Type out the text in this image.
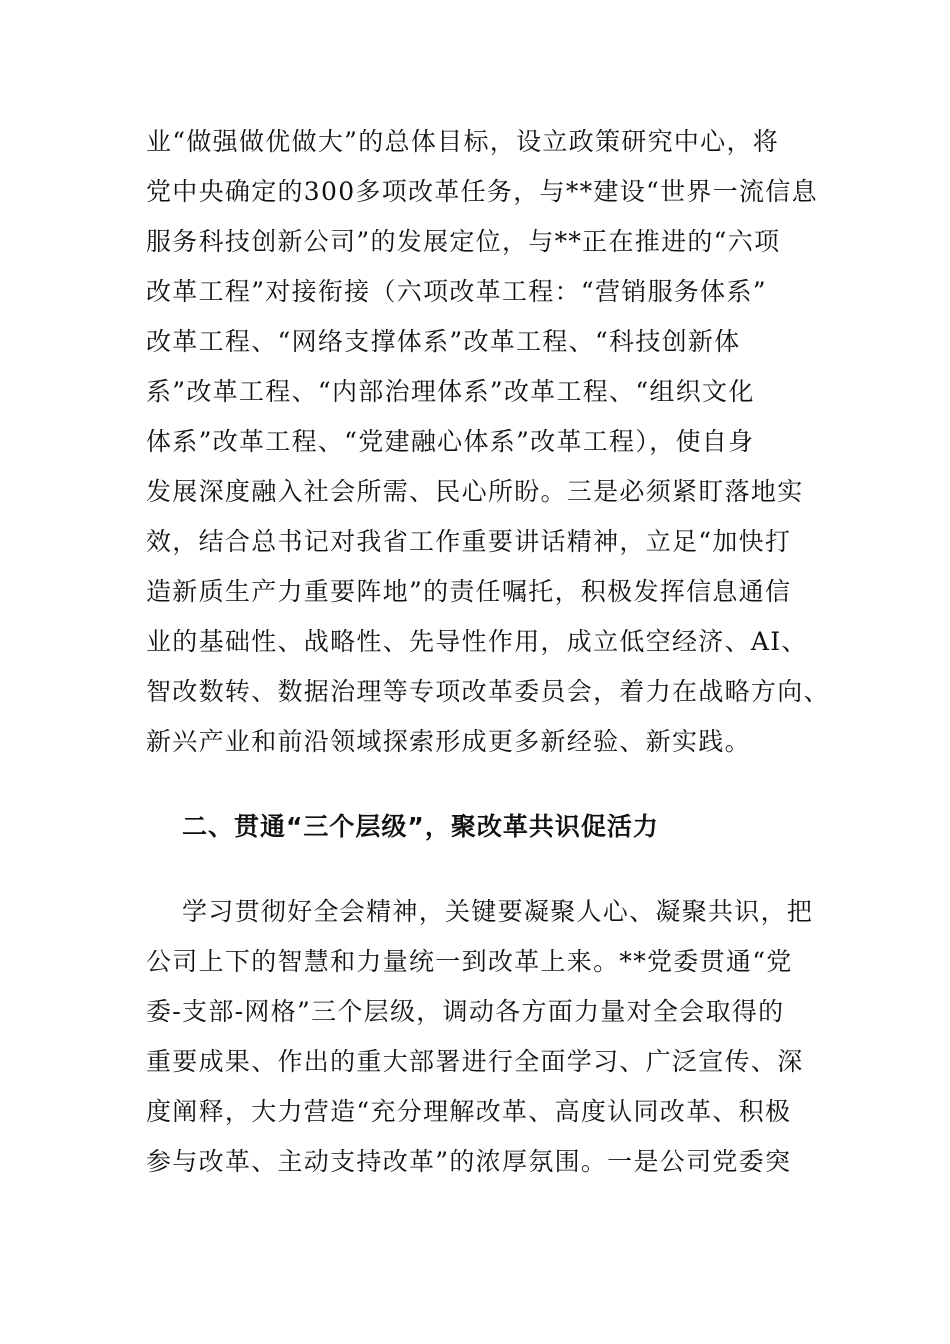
业“做强做优做大”的总体目标，设立政策研究中心，将
党中央确定的300多项改革任务，与**建设“世界一流信息
服务科技创新公司”的发展定位，与**正在推进的“六项
改革工程”对接衔接（六项改革工程：“营销服务体系”
改革工程、“网络支撑体系”改革工程、“科技创新体
系”改革工程、“内部治理体系”改革工程、“组织文化
体系”改革工程、“党建融心体系”改革工程），使自身
发展深度融入社会所需、民心所盼。三是必须紧盯落地实
效，结合总书记对我省工作重要讲话精神，立足“加快打
造新质生产力重要阵地”的责任嘱托，积极发挥信息通信
业的基础性、战略性、先导性作用，成立低空经济、AI、
智改数转、数据治理等专项改革委员会，着力在战略方向、
新兴产业和前沿领域探索形成更多新经验、新实践。
二、贯通“三个层级”，聚改革共识促活力
学习贯彻好全会精神，关键要凝聚人心、凝聚共识，把
公司上下的智慧和力量统一到改革上来。**党委贯通“党
委-支部-网格”三个层级，调动各方面力量对全会取得的
重要成果、作出的重大部署进行全面学习、广泛宣传、深
度阐释，大力营造“充分理解改革、高度认同改革、积极
参与改革、主动支持改革”的浓厚氛围。一是公司党委突
